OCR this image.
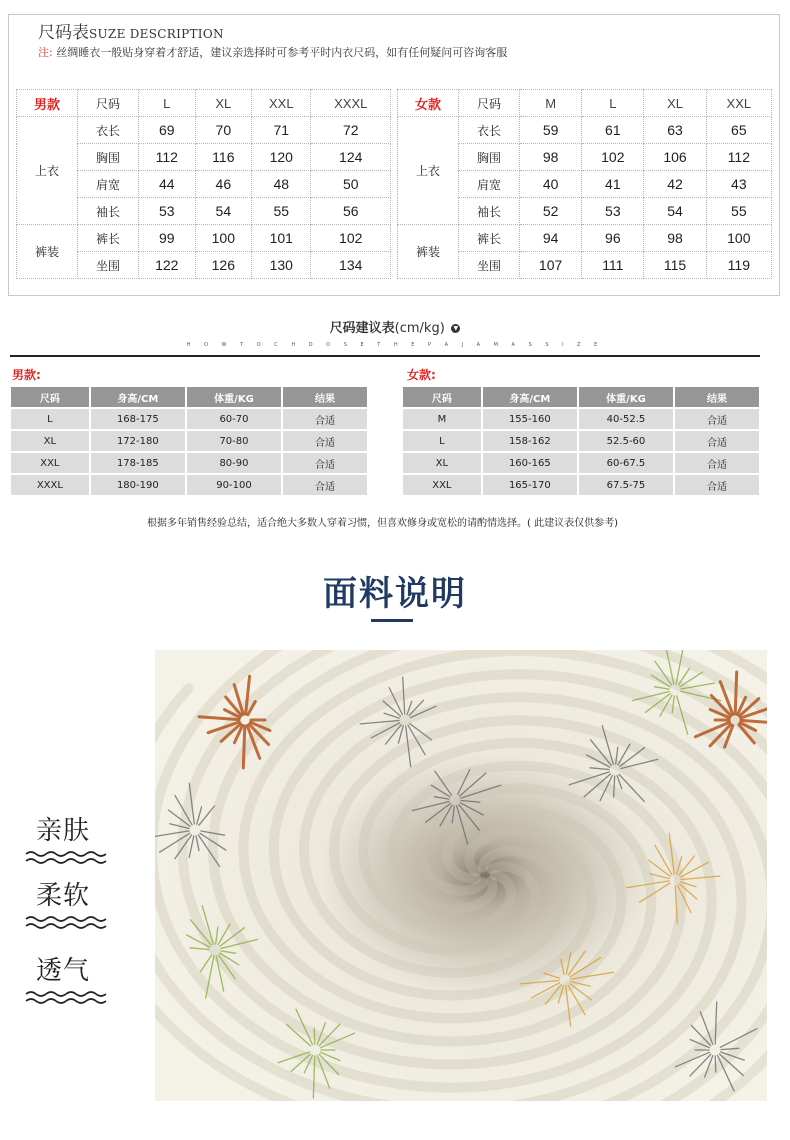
尺码表SUZE DESCRIPTION
注: 丝绸睡衣一般贴身穿着才舒适，建议亲选择时可参考平时内衣尺码，如有任何疑问可咨询客服
男款	尺码	L	XL	XXL	XXXL
上衣	衣长	69	70	71	72
	胸围	112	116	120	124
	肩宽	44	46	48	50
	袖长	53	54	55	56
裤装	裤长	99	100	101	102
	坐围	122	126	130	134
女款	尺码	M	L	XL	XXL
上衣	衣长	59	61	63	65
	胸围	98	102	106	112
	肩宽	40	41	42	43
	袖长	52	53	54	55
裤装	裤长	94	96	98	100
	坐围	107	111	115	119
尺码建议表(cm/kg) ▼
H O W T O C H O O S E T H E P A J A M A S S I Z E
男款:	女款:
尺码	身高/CM	体重/KG	结果
L	168-175	60-70	合适
XL	172-180	70-80	合适
XXL	178-185	80-90	合适
XXXL	180-190	90-100	合适
尺码	身高/CM	体重/KG	结果
M	155-160	40-52.5	合适
L	158-162	52.5-60	合适
XL	160-165	60-67.5	合适
XXL	165-170	67.5-75	合适
根据多年销售经验总结，适合绝大多数人穿着习惯，但喜欢修身或宽松的请酌情选择。( 此建议表仅供参考)
面料说明
亲肤
柔软
透气
